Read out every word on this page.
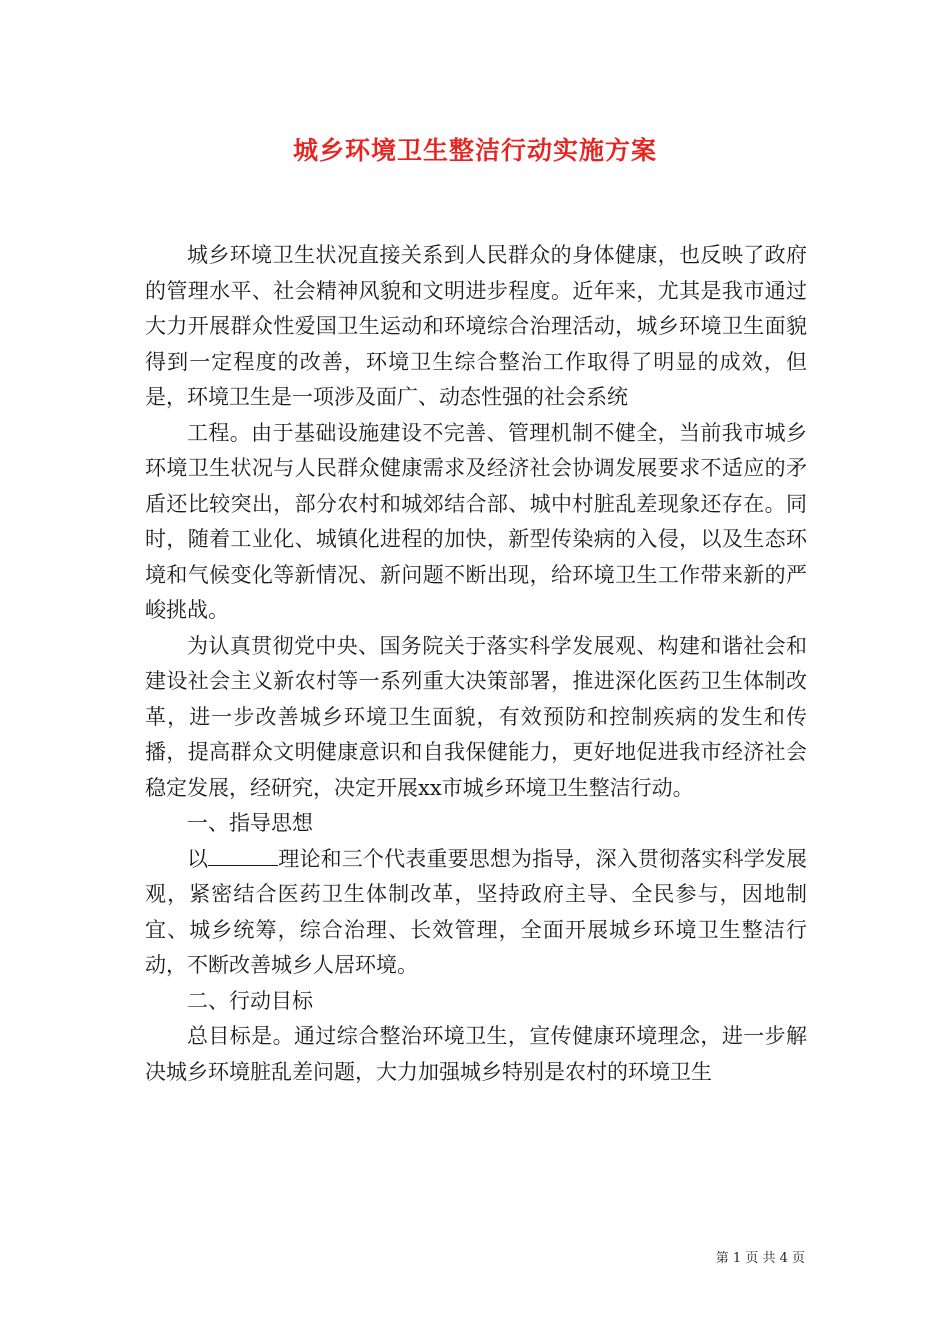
城乡环境卫生整洁行动实施方案

城乡环境卫生状况直接关系到人民群众的身体健康，也反映了政府的管理水平、社会精神风貌和文明进步程度。近年来，尤其是我市通过大力开展群众性爱国卫生运动和环境综合治理活动，城乡环境卫生面貌得到一定程度的改善，环境卫生综合整治工作取得了明显的成效，但是，环境卫生是一项涉及面广、动态性强的社会系统

工程。由于基础设施建设不完善、管理机制不健全，当前我市城乡环境卫生状况与人民群众健康需求及经济社会协调发展要求不适应的矛盾还比较突出，部分农村和城郊结合部、城中村脏乱差现象还存在。同时，随着工业化、城镇化进程的加快，新型传染病的入侵，以及生态环境和气候变化等新情况、新问题不断出现，给环境卫生工作带来新的严峻挑战。

为认真贯彻党中央、国务院关于落实科学发展观、构建和谐社会和建设社会主义新农村等一系列重大决策部署，推进深化医药卫生体制改革，进一步改善城乡环境卫生面貌，有效预防和控制疾病的发生和传播，提高群众文明健康意识和自我保健能力，更好地促进我市经济社会稳定发展，经研究，决定开展xx市城乡环境卫生整洁行动。

一、指导思想

以	理论和三个代表重要思想为指导，深入贯彻落实科学发展观，紧密结合医药卫生体制改革，坚持政府主导、全民参与，因地制宜、城乡统筹，综合治理、长效管理，全面开展城乡环境卫生整洁行动，不断改善城乡人居环境。

二、行动目标

总目标是。通过综合整治环境卫生，宣传健康环境理念，进一步解决城乡环境脏乱差问题，大力加强城乡特别是农村的环境卫生

第 1 页 共 4 页
